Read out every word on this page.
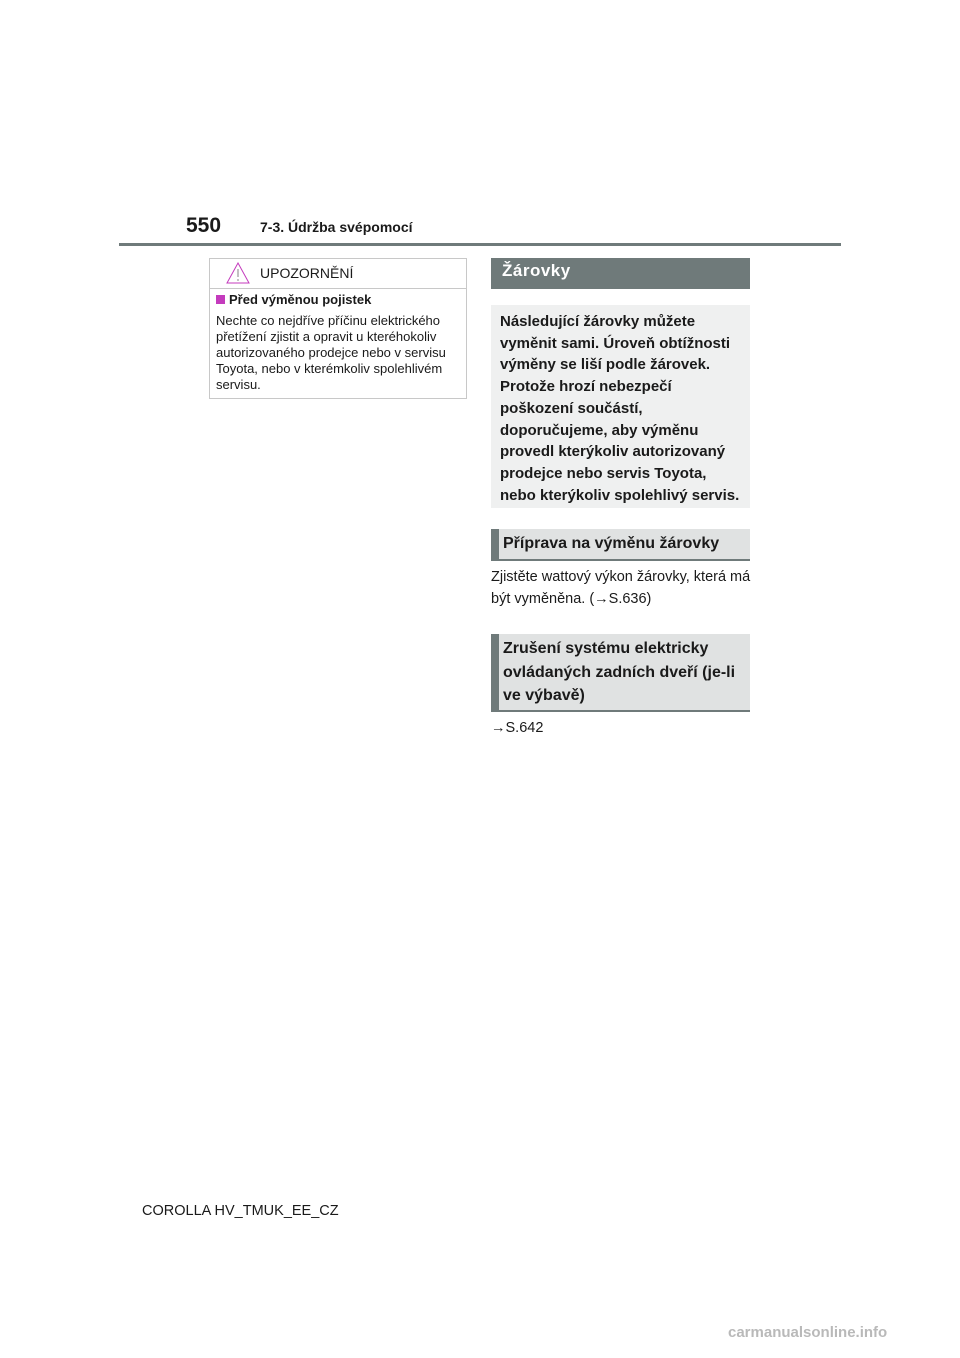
550	7-3. Údržba svépomocí
UPOZORNĚNÍ
Před výměnou pojistek
Nechte co nejdříve příčinu elektrického přetížení zjistit a opravit u kteréhokoliv autorizovaného prodejce nebo v servisu Toyota, nebo v kterémkoliv spolehlivém servisu.
Žárovky
Následující žárovky můžete vyměnit sami. Úroveň obtížnosti výměny se liší podle žárovek. Protože hrozí nebezpečí poškození součástí, doporučujeme, aby výměnu provedl kterýkoliv autorizovaný prodejce nebo servis Toyota, nebo kterýkoliv spolehlivý servis.
Příprava na výměnu žárovky
Zjistěte wattový výkon žárovky, která má být vyměněna. (→S.636)
Zrušení systému elektricky ovládaných zadních dveří (je-li ve výbavě)
→S.642
COROLLA HV_TMUK_EE_CZ
carmanualsonline.info
